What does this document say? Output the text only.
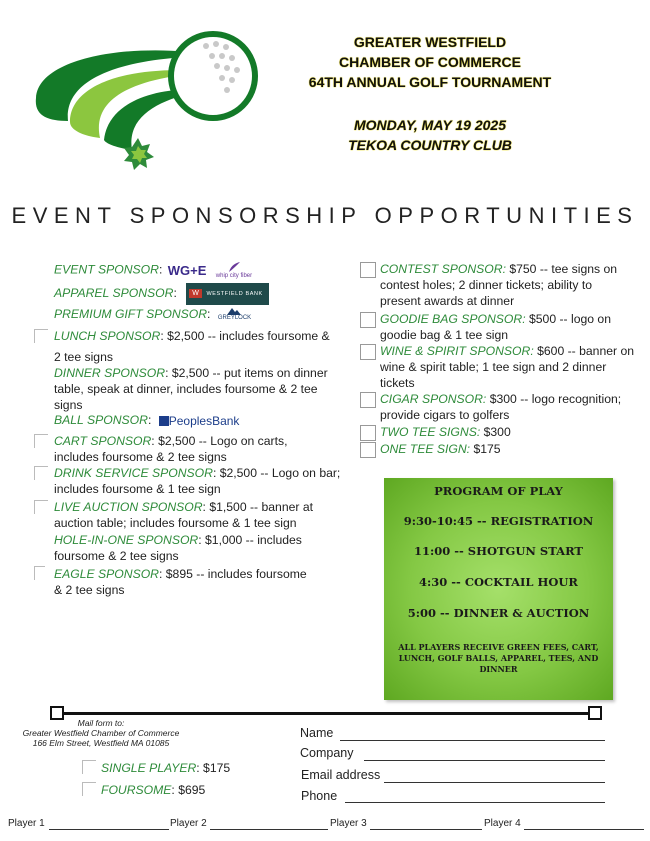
GREATER WESTFIELD
CHAMBER OF COMMERCE
64TH ANNUAL GOLF TOURNAMENT
MONDAY, MAY 19 2025
TEKOA COUNTRY CLUB
EVENT SPONSORSHIP OPPORTUNITIES
EVENT SPONSOR: WG+E whip city fiber
APPAREL SPONSOR: W WESTFIELD BANK
PREMIUM GIFT SPONSOR: GREYLOCK
LUNCH SPONSOR: $2,500 -- includes foursome &
2 tee signs
DINNER SPONSOR: $2,500 -- put items on dinner
table, speak at dinner, includes foursome & 2 tee
signs
BALL SPONSOR: PeoplesBank
CART SPONSOR: $2,500 -- Logo on carts,
includes foursome & 2 tee signs
DRINK SERVICE SPONSOR: $2,500 -- Logo on bar;
includes foursome & 1 tee sign
LIVE AUCTION SPONSOR: $1,500 -- banner at
auction table; includes foursome & 1 tee sign
HOLE-IN-ONE SPONSOR: $1,000 -- includes
foursome & 2 tee signs
EAGLE SPONSOR: $895 -- includes foursome
& 2 tee signs
CONTEST SPONSOR: $750 -- tee signs on
contest holes; 2 dinner tickets; ability to
present awards at dinner
GOODIE BAG SPONSOR: $500 -- logo on
goodie bag & 1 tee sign
WINE & SPIRIT SPONSOR: $600 -- banner on
wine & spirit table; 1 tee sign and 2 dinner
tickets
CIGAR SPONSOR: $300 -- logo recognition;
provide cigars to golfers
TWO TEE SIGNS: $300
ONE TEE SIGN: $175
PROGRAM OF PLAY
9:30-10:45 -- REGISTRATION
11:00 -- SHOTGUN START
4:30 -- COCKTAIL HOUR
5:00 -- DINNER & AUCTION
ALL PLAYERS RECEIVE GREEN FEES, CART, LUNCH, GOLF BALLS, APPAREL, TEES, AND DINNER
Mail form to:
Greater Westfield Chamber of Commerce
166 Elm Street, Westfield MA 01085
SINGLE PLAYER: $175
FOURSOME: $695
Name
Company
Email address
Phone
Player 1	Player 2	Player 3	Player 4
